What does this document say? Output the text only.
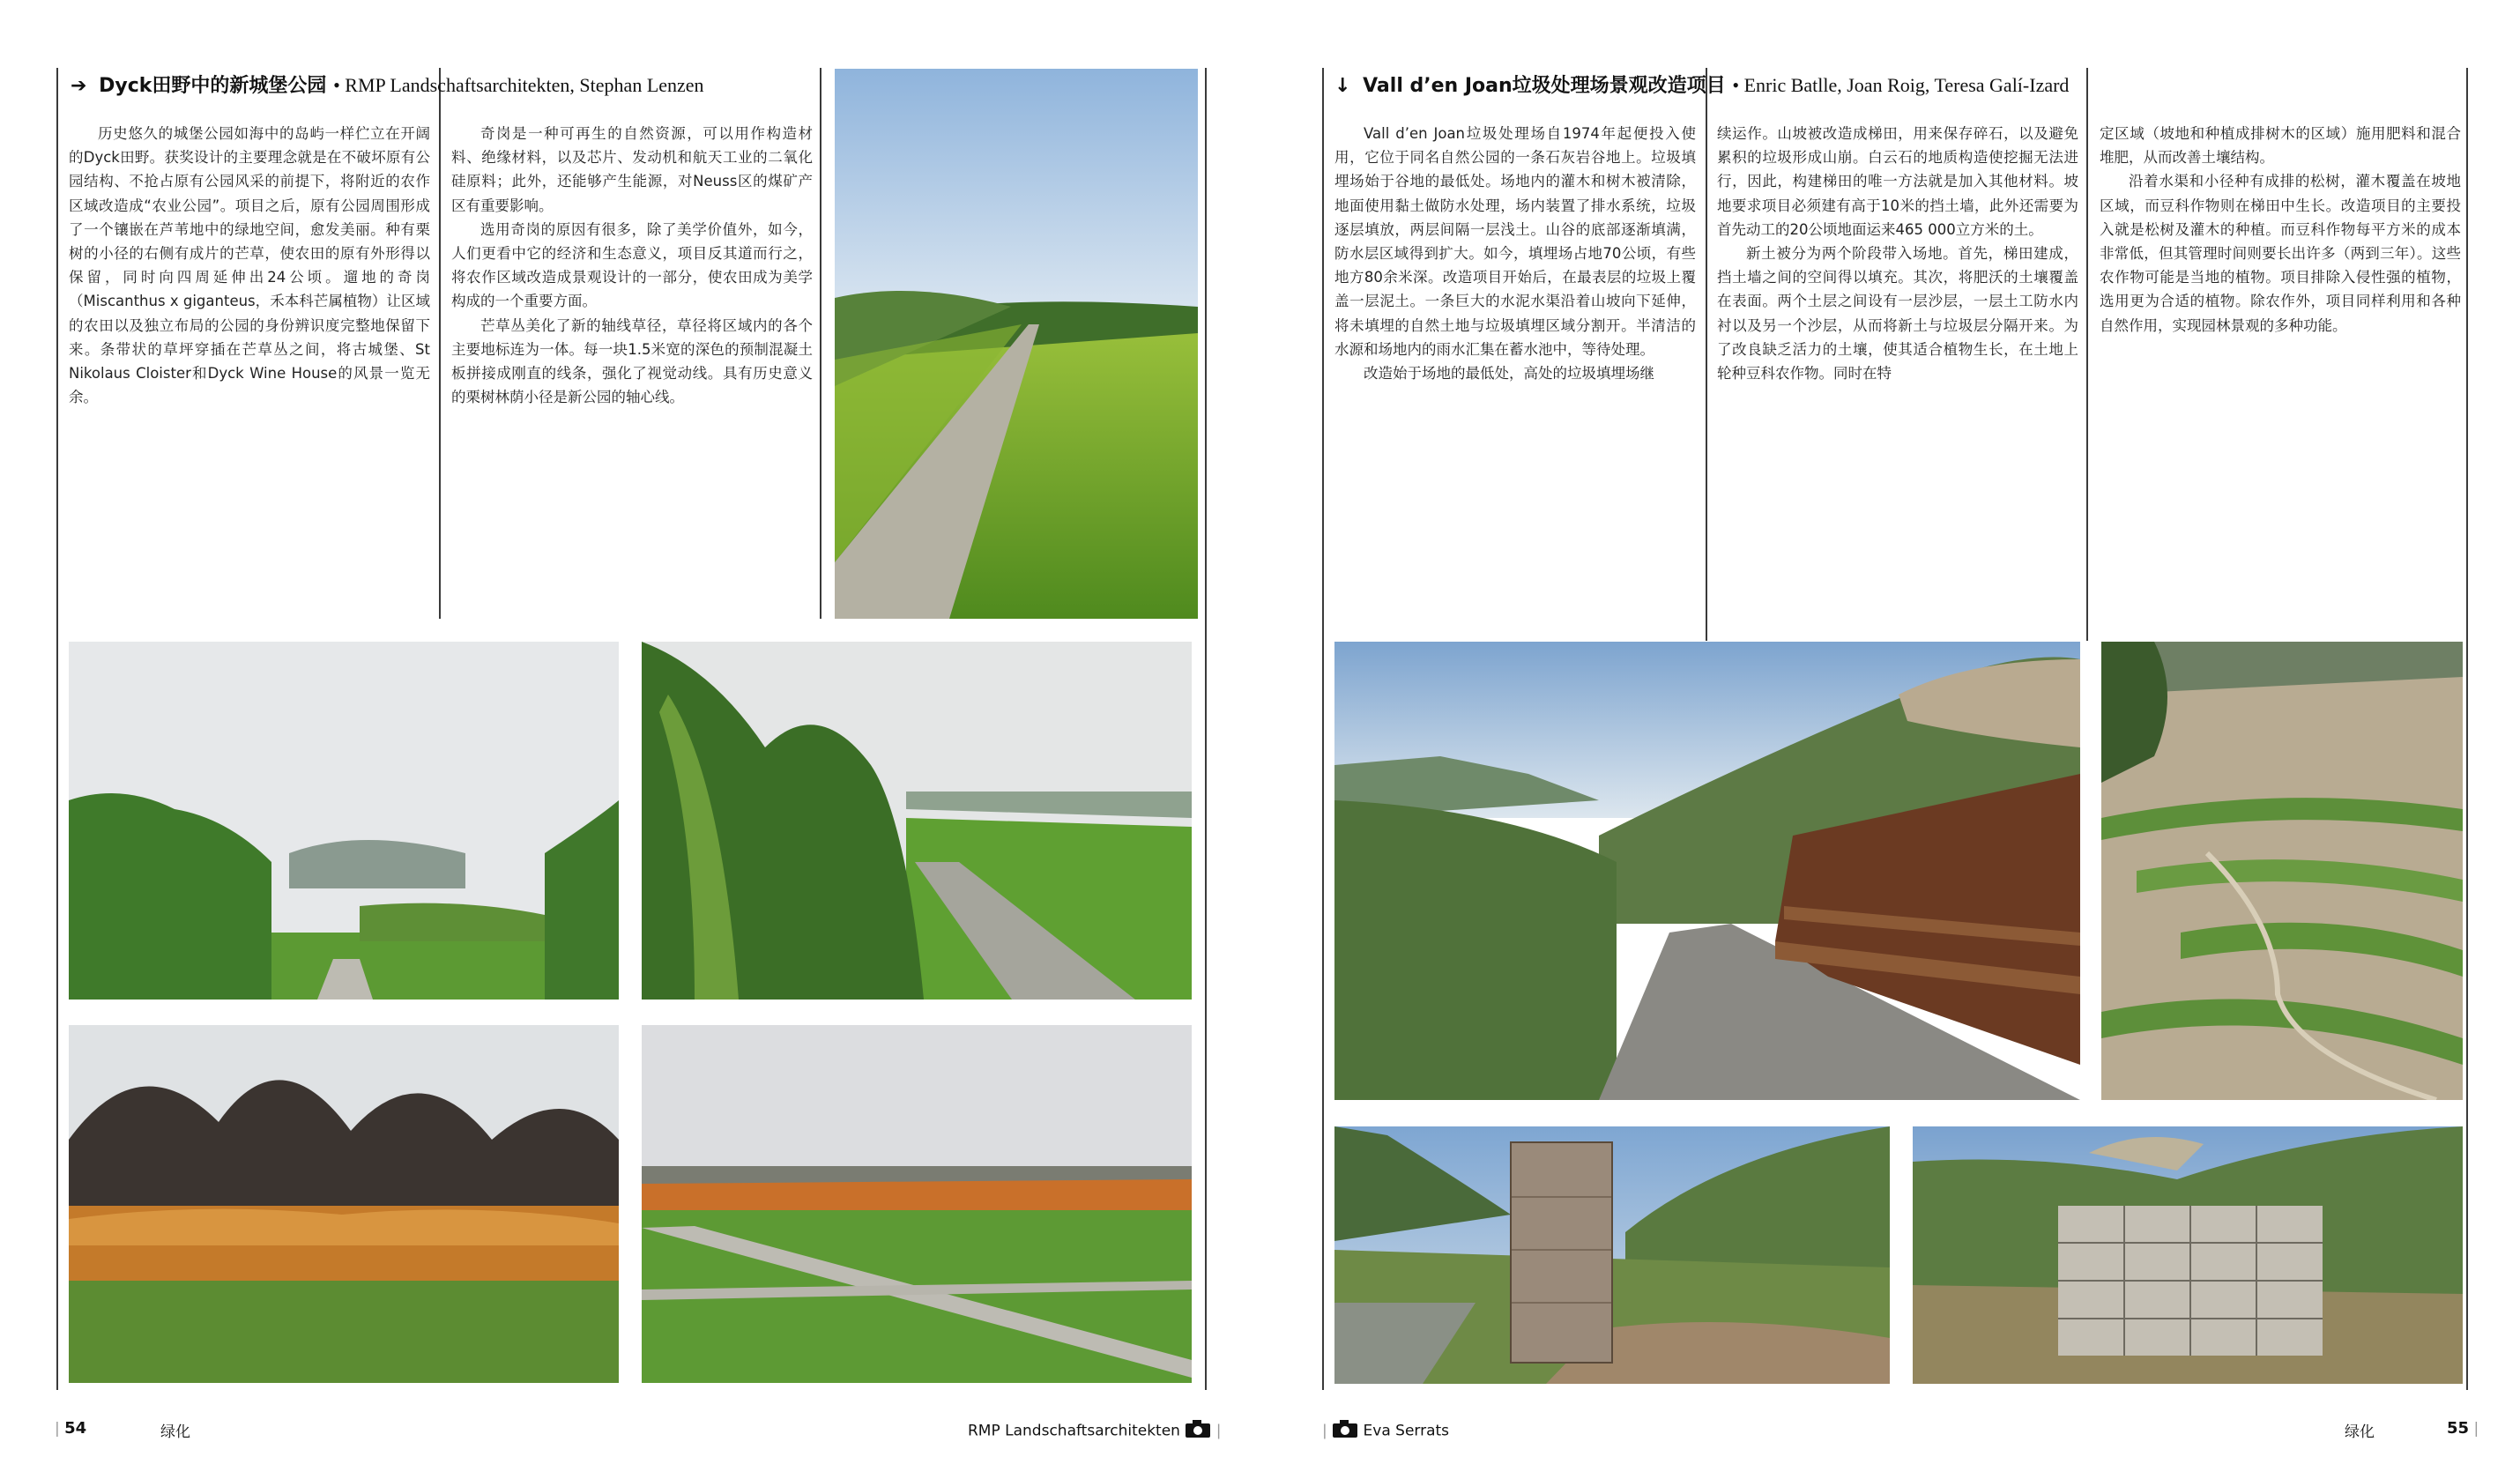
➔ Dyck田野中的新城堡公园 • RMP Landschaftsarchitekten, Stephan Lenzen

历史悠久的城堡公园如海中的岛屿一样伫立在开阔的Dyck田野。获奖设计的主要理念就是在不破坏原有公园结构、不抢占原有公园风采的前提下，将附近的农作区域改造成“农业公园”。项目之后，原有公园周围形成了一个镶嵌在芦苇地中的绿地空间，愈发美丽。种有栗树的小径的右侧有成片的芒草，使农田的原有外形得以保留，同时向四周延伸出24公顷。遛地的奇岗（Miscanthus x giganteus，禾本科芒属植物）让区域的农田以及独立布局的公园的身份辨识度完整地保留下来。条带状的草坪穿插在芒草丛之间，将古城堡、St Nikolaus Cloister和Dyck Wine House的风景一览无余。

奇岗是一种可再生的自然资源，可以用作构造材料、绝缘材料，以及芯片、发动机和航天工业的二氧化硅原料；此外，还能够产生能源，对Neuss区的煤矿产区有重要影响。

选用奇岗的原因有很多，除了美学价值外，如今，人们更看中它的经济和生态意义，项目反其道而行之，将农作区域改造成景观设计的一部分，使农田成为美学构成的一个重要方面。

芒草丛美化了新的轴线草径，草径将区域内的各个主要地标连为一体。每一块1.5米宽的深色的预制混凝土板拼接成刚直的线条，强化了视觉动线。具有历史意义的栗树林荫小径是新公园的轴心线。

| 54	绿化	RMP Landschaftsarchitekten |
↓ Vall d’en Joan垃圾处理场景观改造项目 • Enric Batlle, Joan Roig, Teresa Galí-Izard

Vall d’en Joan垃圾处理场自1974年起便投入使用，它位于同名自然公园的一条石灰岩谷地上。垃圾填埋场始于谷地的最低处。场地内的灌木和树木被清除，地面使用黏土做防水处理，场内装置了排水系统，垃圾逐层填放，两层间隔一层浅土。山谷的底部逐渐填满，防水层区域得到扩大。如今，填埋场占地70公顷，有些地方80余米深。改造项目开始后，在最表层的垃圾上覆盖一层泥土。一条巨大的水泥水渠沿着山坡向下延伸，将未填埋的自然土地与垃圾填埋区域分割开。半清洁的水源和场地内的雨水汇集在蓄水池中，等待处理。

改造始于场地的最低处，高处的垃圾填埋场继

续运作。山坡被改造成梯田，用来保存碎石，以及避免累积的垃圾形成山崩。白云石的地质构造使挖掘无法进行，因此，构建梯田的唯一方法就是加入其他材料。坡地要求项目必须建有高于10米的挡土墙，此外还需要为首先动工的20公顷地面运来465 000立方米的土。

新土被分为两个阶段带入场地。首先，梯田建成，挡土墙之间的空间得以填充。其次，将肥沃的土壤覆盖在表面。两个土层之间设有一层沙层，一层土工防水内衬以及另一个沙层，从而将新土与垃圾层分隔开来。为了改良缺乏活力的土壤，使其适合植物生长，在土地上轮种豆科农作物。同时在特

定区域（坡地和种植成排树木的区域）施用肥料和混合堆肥，从而改善土壤结构。

沿着水渠和小径种有成排的松树，灌木覆盖在坡地区域，而豆科作物则在梯田中生长。改造项目的主要投入就是松树及灌木的种植。而豆科作物每平方米的成本非常低，但其管理时间则要长出许多（两到三年）。这些农作物可能是当地的植物。项目排除入侵性强的植物，选用更为合适的植物。除农作外，项目同样利用和各种自然作用，实现园林景观的多种功能。

| Eva Serrats	绿化	55 |
